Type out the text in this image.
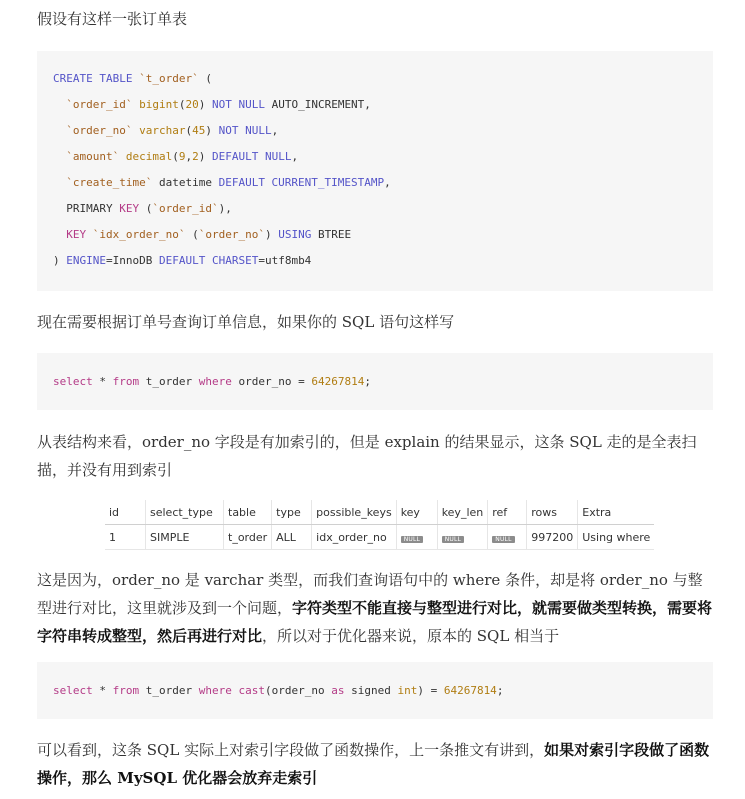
假设有这样一张订单表
CREATE TABLE `t_order` (
`order_id` bigint(20) NOT NULL AUTO_INCREMENT,
`order_no` varchar(45) NOT NULL,
`amount` decimal(9,2) DEFAULT NULL,
`create_time` datetime DEFAULT CURRENT_TIMESTAMP,
PRIMARY KEY (`order_id`),
KEY `idx_order_no` (`order_no`) USING BTREE
) ENGINE=InnoDB DEFAULT CHARSET=utf8mb4
现在需要根据订单号查询订单信息，如果你的 SQL 语句这样写
select * from t_order where order_no = 64267814;
从表结构来看，order_no 字段是有加索引的，但是 explain 的结果显示，这条 SQL 走的是全表扫描，并没有用到索引
id	select_type	table	type	possible_keys	key	key_len	ref	rows	Extra
1	SIMPLE	t_order	ALL	idx_order_no	NULL	NULL	NULL	997200	Using where
这是因为，order_no 是 varchar 类型，而我们查询语句中的 where 条件，却是将 order_no 与整型进行对比，这里就涉及到一个问题，字符类型不能直接与整型进行对比，就需要做类型转换，需要将字符串转成整型，然后再进行对比，所以对于优化器来说，原本的 SQL 相当于
select * from t_order where cast(order_no as signed int) = 64267814;
可以看到，这条 SQL 实际上对索引字段做了函数操作，上一条推文有讲到，如果对索引字段做了函数操作，那么 MySQL 优化器会放弃走索引
